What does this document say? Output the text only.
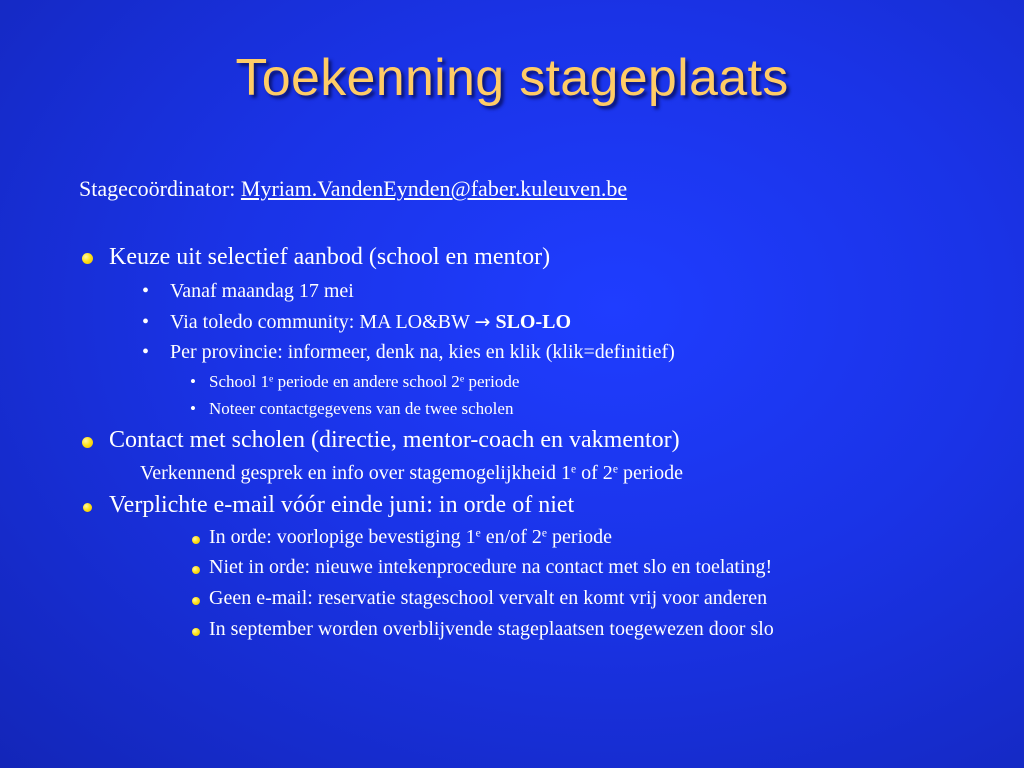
Toekenning stageplaats
Stagecoördinator: Myriam.VandenEynden@faber.kuleuven.be
Keuze uit selectief aanbod (school en mentor)
• Vanaf maandag 17 mei
• Via toledo community: MA LO&BW → SLO-LO
• Per provincie: informeer, denk na, kies en klik (klik=definitief)
• School 1e periode en andere school 2e periode
• Noteer contactgegevens van de twee scholen
Contact met scholen (directie, mentor-coach en vakmentor)
Verkennend gesprek en info over stagemogelijkheid 1e of 2e periode
Verplichte e-mail vóór einde juni: in orde of niet
In orde: voorlopige bevestiging 1e en/of 2e periode
Niet in orde: nieuwe intekenprocedure na contact met slo en toelating!
Geen e-mail: reservatie stageschool vervalt en komt vrij voor anderen
In september worden overblijvende stageplaatsen toegewezen door slo
